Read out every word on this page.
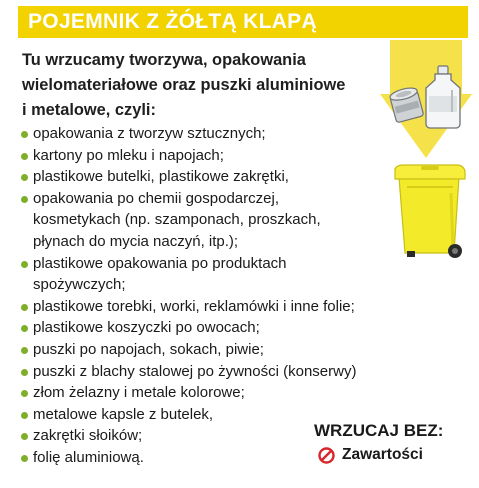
POJEMNIK Z ŻÓŁTĄ KLAPĄ
Tu wrzucamy tworzywa, opakowania
wielomateriałowe oraz puszki aluminiowe
i metalowe, czyli:
opakowania z tworzyw sztucznych;
kartony po mleku i napojach;
plastikowe butelki, plastikowe zakrętki,
opakowania po chemii gospodarczej,
kosmetykach (np. szamponach, proszkach,
płynach do mycia naczyń, itp.);
plastikowe opakowania po produktach
spożywczych;
plastikowe torebki, worki, reklamówki i inne folie;
plastikowe koszyczki po owocach;
puszki po napojach, sokach, piwie;
puszki z blachy stalowej po żywności (konserwy)
złom żelazny i metale kolorowe;
metalowe kapsle z butelek,
zakrętki słoików;
folię aluminiową.
WRZUCAJ BEZ:
Zawartości
